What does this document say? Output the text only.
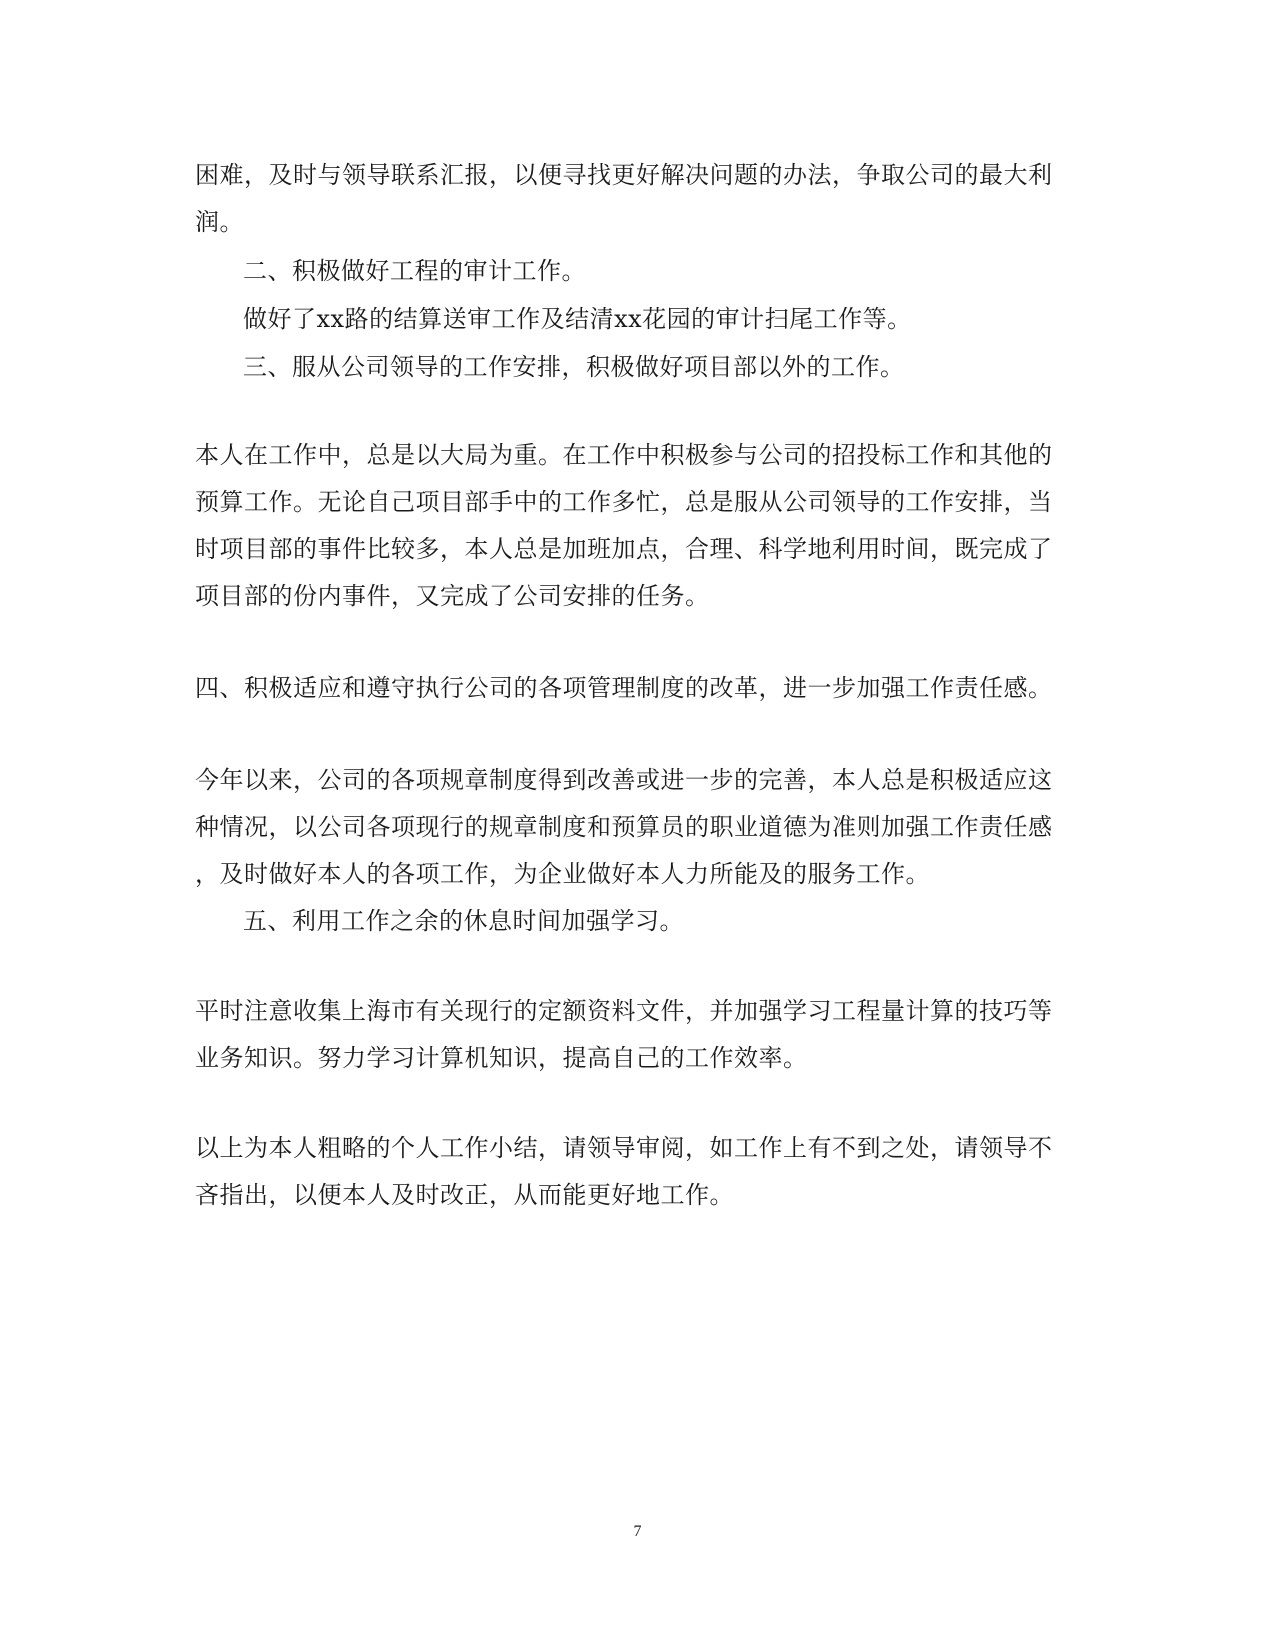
困难，及时与领导联系汇报，以便寻找更好解决问题的办法，争取公司的最大利
润。
二、积极做好工程的审计工作。
做好了xx路的结算送审工作及结清xx花园的审计扫尾工作等。
三、服从公司领导的工作安排，积极做好项目部以外的工作。
本人在工作中，总是以大局为重。在工作中积极参与公司的招投标工作和其他的
预算工作。无论自己项目部手中的工作多忙，总是服从公司领导的工作安排，当
时项目部的事件比较多，本人总是加班加点，合理、科学地利用时间，既完成了
项目部的份内事件，又完成了公司安排的任务。
四、积极适应和遵守执行公司的各项管理制度的改革，进一步加强工作责任感。
今年以来，公司的各项规章制度得到改善或进一步的完善，本人总是积极适应这
种情况，以公司各项现行的规章制度和预算员的职业道德为准则加强工作责任感
，及时做好本人的各项工作，为企业做好本人力所能及的服务工作。
五、利用工作之余的休息时间加强学习。
平时注意收集上海市有关现行的定额资料文件，并加强学习工程量计算的技巧等
业务知识。努力学习计算机知识，提高自己的工作效率。
以上为本人粗略的个人工作小结，请领导审阅，如工作上有不到之处，请领导不
吝指出，以便本人及时改正，从而能更好地工作。
7
